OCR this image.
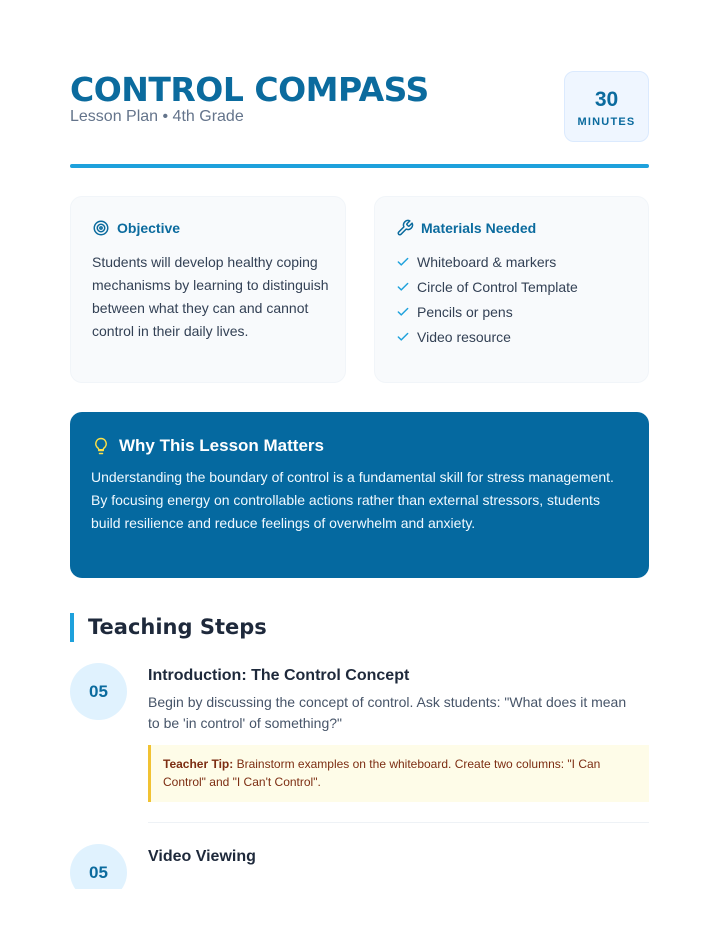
CONTROL COMPASS
Lesson Plan • 4th Grade
30
MINUTES
Objective
Students will develop healthy coping mechanisms by learning to distinguish between what they can and cannot control in their daily lives.
Materials Needed
Whiteboard & markers
Circle of Control Template
Pencils or pens
Video resource
Why This Lesson Matters
Understanding the boundary of control is a fundamental skill for stress management. By focusing energy on controllable actions rather than external stressors, students build resilience and reduce feelings of overwhelm and anxiety.
Teaching Steps
05
Introduction: The Control Concept
Begin by discussing the concept of control. Ask students: "What does it mean to be 'in control' of something?"
Teacher Tip: Brainstorm examples on the whiteboard. Create two columns: "I Can Control" and "I Can't Control".
05
Video Viewing
